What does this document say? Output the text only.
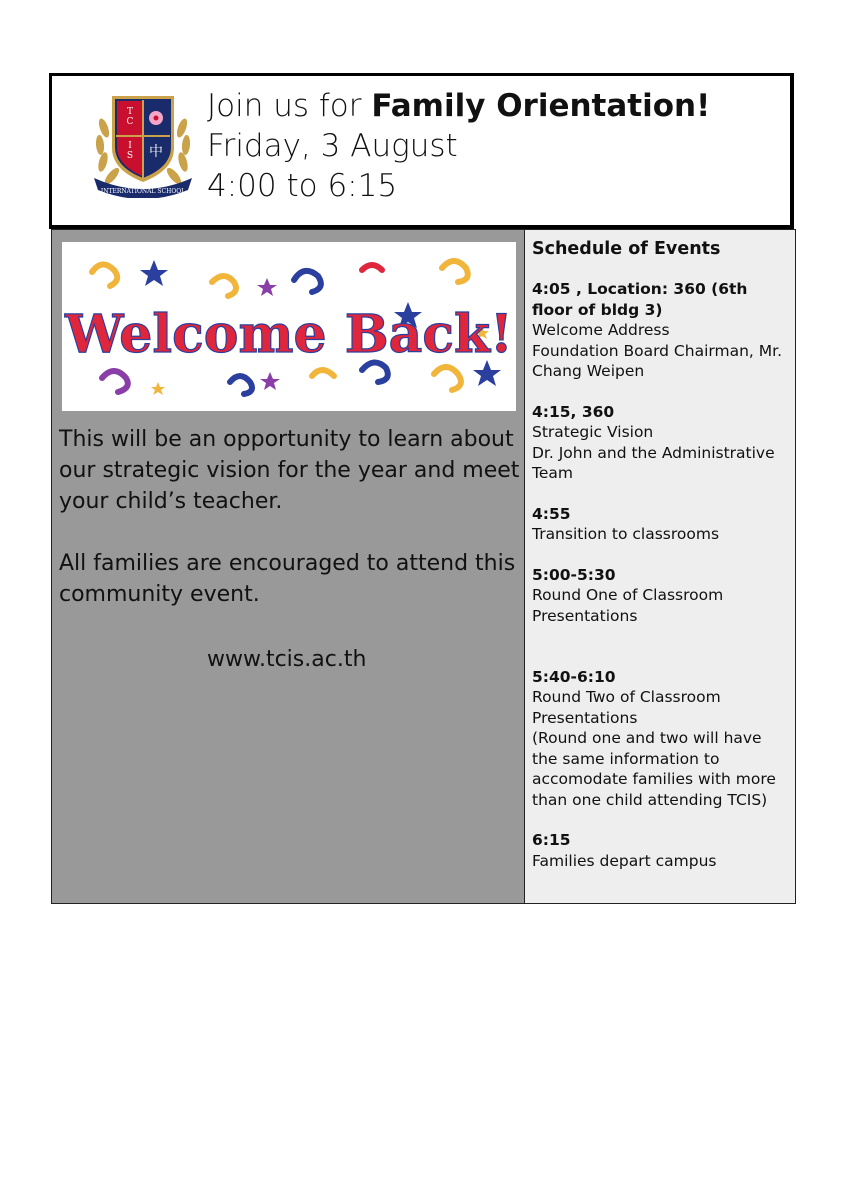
T
C
I
S 中
INTERNATIONAL SCHOOL
Join us for Family Orientation!
Friday, 3 August
4:00 to 6:15
Welcome Back!

This will be an opportunity to learn about our strategic vision for the year and meet your child’s teacher.

All families are encouraged to attend this community event.

www.tcis.ac.th
Schedule of Events
4:05 , Location: 360 (6th floor of bldg 3)
Welcome Address
Foundation Board Chairman, Mr. Chang Weipen
4:15, 360
Strategic Vision
Dr. John and the Administrative Team
4:55
Transition to classrooms
5:00-5:30
Round One of Classroom Presentations
5:40-6:10
Round Two of Classroom Presentations
(Round one and two will have the same information to accomodate families with more than one child attending TCIS)
6:15
Families depart campus
